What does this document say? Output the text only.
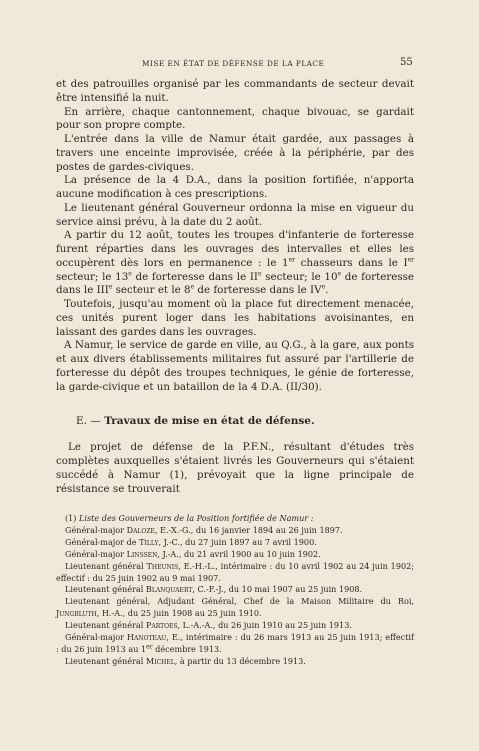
MISE EN ÉTAT DE DÉFENSE DE LA PLACE	55

et des patrouilles organisé par les commandants de secteur devait être intensifié la nuit.

En arrière, chaque cantonnement, chaque bivouac, se gardait pour son propre compte.

L'entrée dans la ville de Namur était gardée, aux passages à travers une enceinte improvisée, créée à la périphérie, par des postes de gardes-civiques.

La présence de la 4 D.A., dans la position fortifiée, n'apporta aucune modification à ces prescriptions.

Le lieutenant général Gouverneur ordonna la mise en vigueur du service ainsi prévu, à la date du 2 août.

A partir du 12 août, toutes les troupes d'infanterie de forteresse furent réparties dans les ouvrages des intervalles et elles les occupèrent dès lors en permanence : le 1er chasseurs dans le Ier secteur; le 13e de forteresse dans le IIe secteur; le 10e de forteresse dans le IIIe secteur et le 8e de forteresse dans le IVe.

Toutefois, jusqu'au moment où la place fut directement menacée, ces unités purent loger dans les habitations avoisinantes, en laissant des gardes dans les ouvrages.

A Namur, le service de garde en ville, au Q.G., à la gare, aux ponts et aux divers établissements militaires fut assuré par l'artillerie de forteresse du dépôt des troupes techniques, le génie de forteresse, la garde-civique et un bataillon de la 4 D.A. (II/30).

E. — Travaux de mise en état de défense.

Le projet de défense de la P.F.N., résultant d'études très complètes auxquelles s'étaient livrés les Gouverneurs qui s'étaient succédé à Namur (1), prévoyait que la ligne principale de résistance se trouverait

(1) Liste des Gouverneurs de la Position fortifiée de Namur :

Général-major Daloze, E.-X.-G., du 16 janvier 1894 au 26 juin 1897.

Général-major de Tilly, J.-C., du 27 juin 1897 au 7 avril 1900.

Général-major Linssen, J.-A., du 21 avril 1900 au 10 juin 1902.

Lieutenant général Theunis, E.-H.-L., intérimaire : du 10 avril 1902 au 24 juin 1902; effectif : du 25 juin 1902 au 9 mai 1907.

Lieutenant général Blanquaert, C.-F.-J., du 10 mai 1907 au 25 juin 1908.

Lieutenant général, Adjudant Général, Chef de la Maison Militaire du Roi, Jungbluth, H.-A., du 25 juin 1908 au 25 juin 1910.

Lieutenant général Partoes, L.-A.-A., du 26 juin 1910 au 25 juin 1913.

Général-major Hanoteau, E., intérimaire : du 26 mars 1913 au 25 juin 1913; effectif : du 26 juin 1913 au 1er décembre 1913.

Lieutenant général Michel, à partir du 13 décembre 1913.
